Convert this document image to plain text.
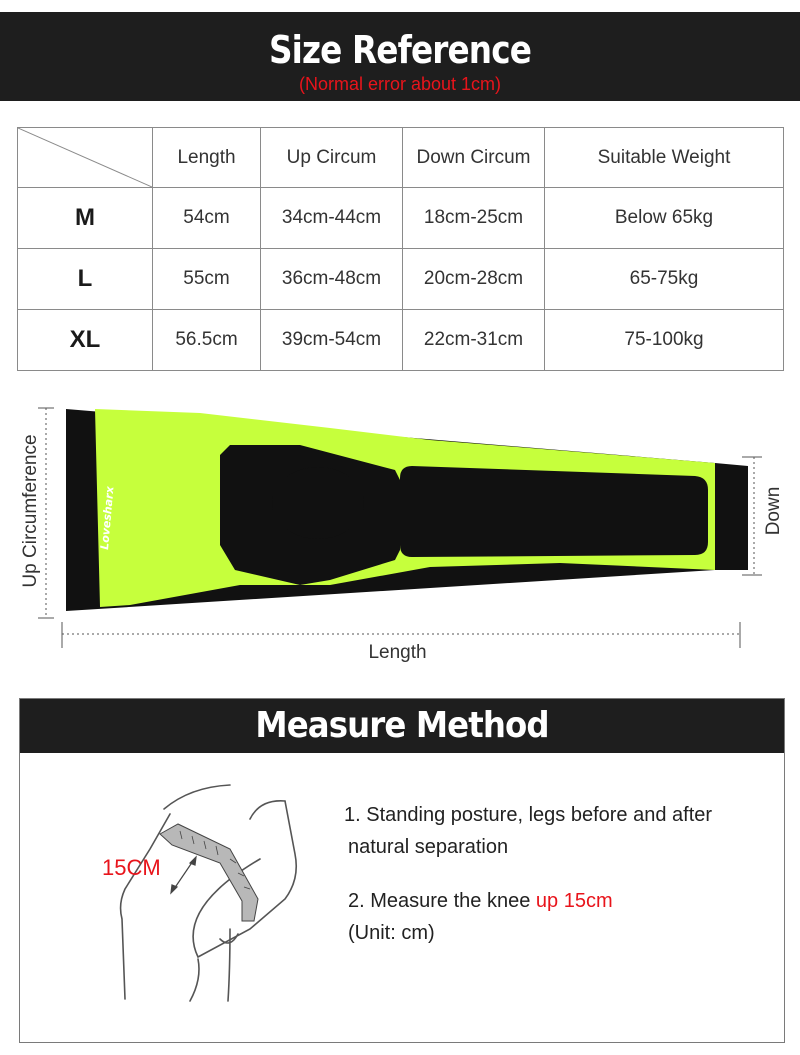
Size Reference
(Normal error about 1cm)
	Length	Up Circum	Down Circum	Suitable Weight
M	54cm	34cm-44cm	18cm-25cm	Below 65kg
L	55cm	36cm-48cm	20cm-28cm	65-75kg
XL	56.5cm	39cm-54cm	22cm-31cm	75-100kg
Lovesharx
Up Circumference	Down
Length
Measure Method
15CM
1. Standing posture, legs before and after
natural separation
2. Measure the knee up 15cm
(Unit: cm)
